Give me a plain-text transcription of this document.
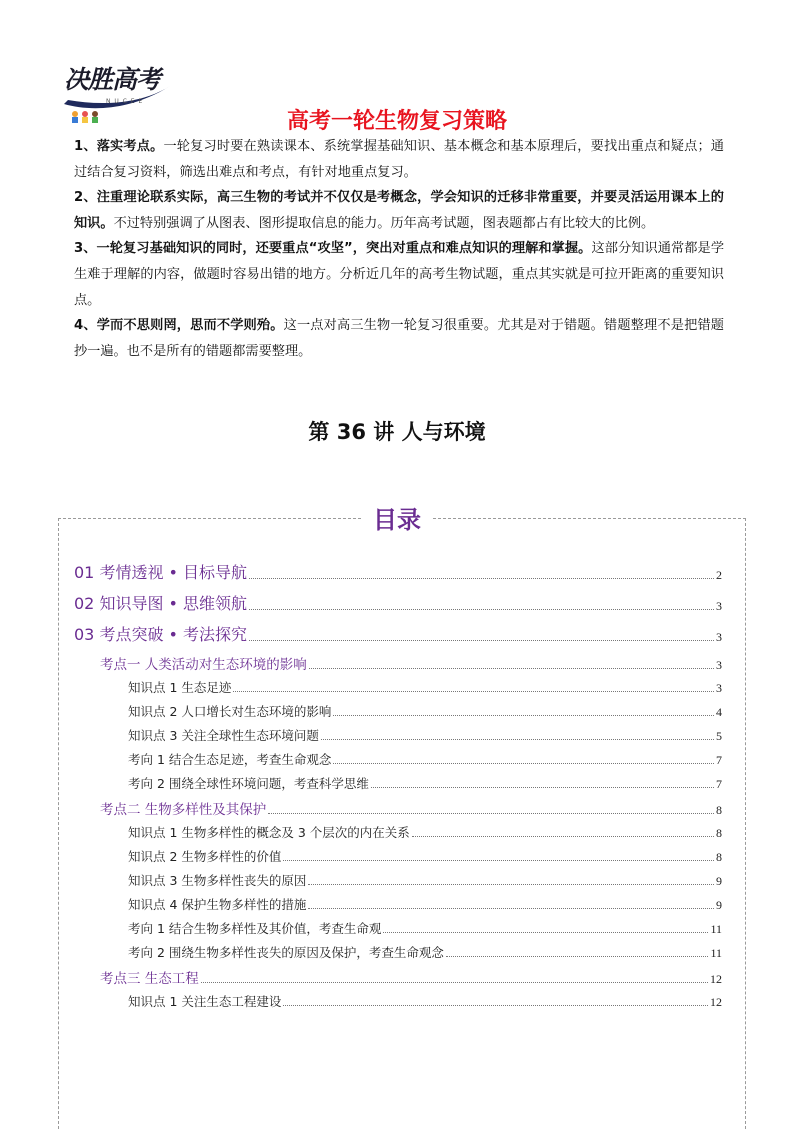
决胜高考
N U C E E
高考一轮生物复习策略

1、落实考点。一轮复习时要在熟读课本、系统掌握基础知识、基本概念和基本原理后，要找出重点和疑点；通过结合复习资料，筛选出难点和考点，有针对地重点复习。

2、注重理论联系实际，高三生物的考试并不仅仅是考概念，学会知识的迁移非常重要，并要灵活运用课本上的知识。不过特别强调了从图表、图形提取信息的能力。历年高考试题，图表题都占有比较大的比例。

3、一轮复习基础知识的同时，还要重点“攻坚”，突出对重点和难点知识的理解和掌握。这部分知识通常都是学生难于理解的内容，做题时容易出错的地方。分析近几年的高考生物试题，重点其实就是可拉开距离的重要知识点。

4、学而不思则罔，思而不学则殆。这一点对高三生物一轮复习很重要。尤其是对于错题。错题整理不是把错题抄一遍。也不是所有的错题都需要整理。

第 36 讲 人与环境
目录
01 考情透视 • 目标导航	2
02 知识导图 • 思维领航	3
03 考点突破 • 考法探究	3
考点一 人类活动对生态环境的影响	3
知识点 1 生态足迹	3
知识点 2 人口增长对生态环境的影响	4
知识点 3 关注全球性生态环境问题	5
考向 1 结合生态足迹，考查生命观念	7
考向 2 围绕全球性环境问题，考查科学思维	7
考点二 生物多样性及其保护	8
知识点 1 生物多样性的概念及 3 个层次的内在关系	8
知识点 2 生物多样性的价值	8
知识点 3 生物多样性丧失的原因	9
知识点 4 保护生物多样性的措施	9
考向 1 结合生物多样性及其价值，考查生命观	11
考向 2 围绕生物多样性丧失的原因及保护，考查生命观念	11
考点三 生态工程	12
知识点 1 关注生态工程建设	12
